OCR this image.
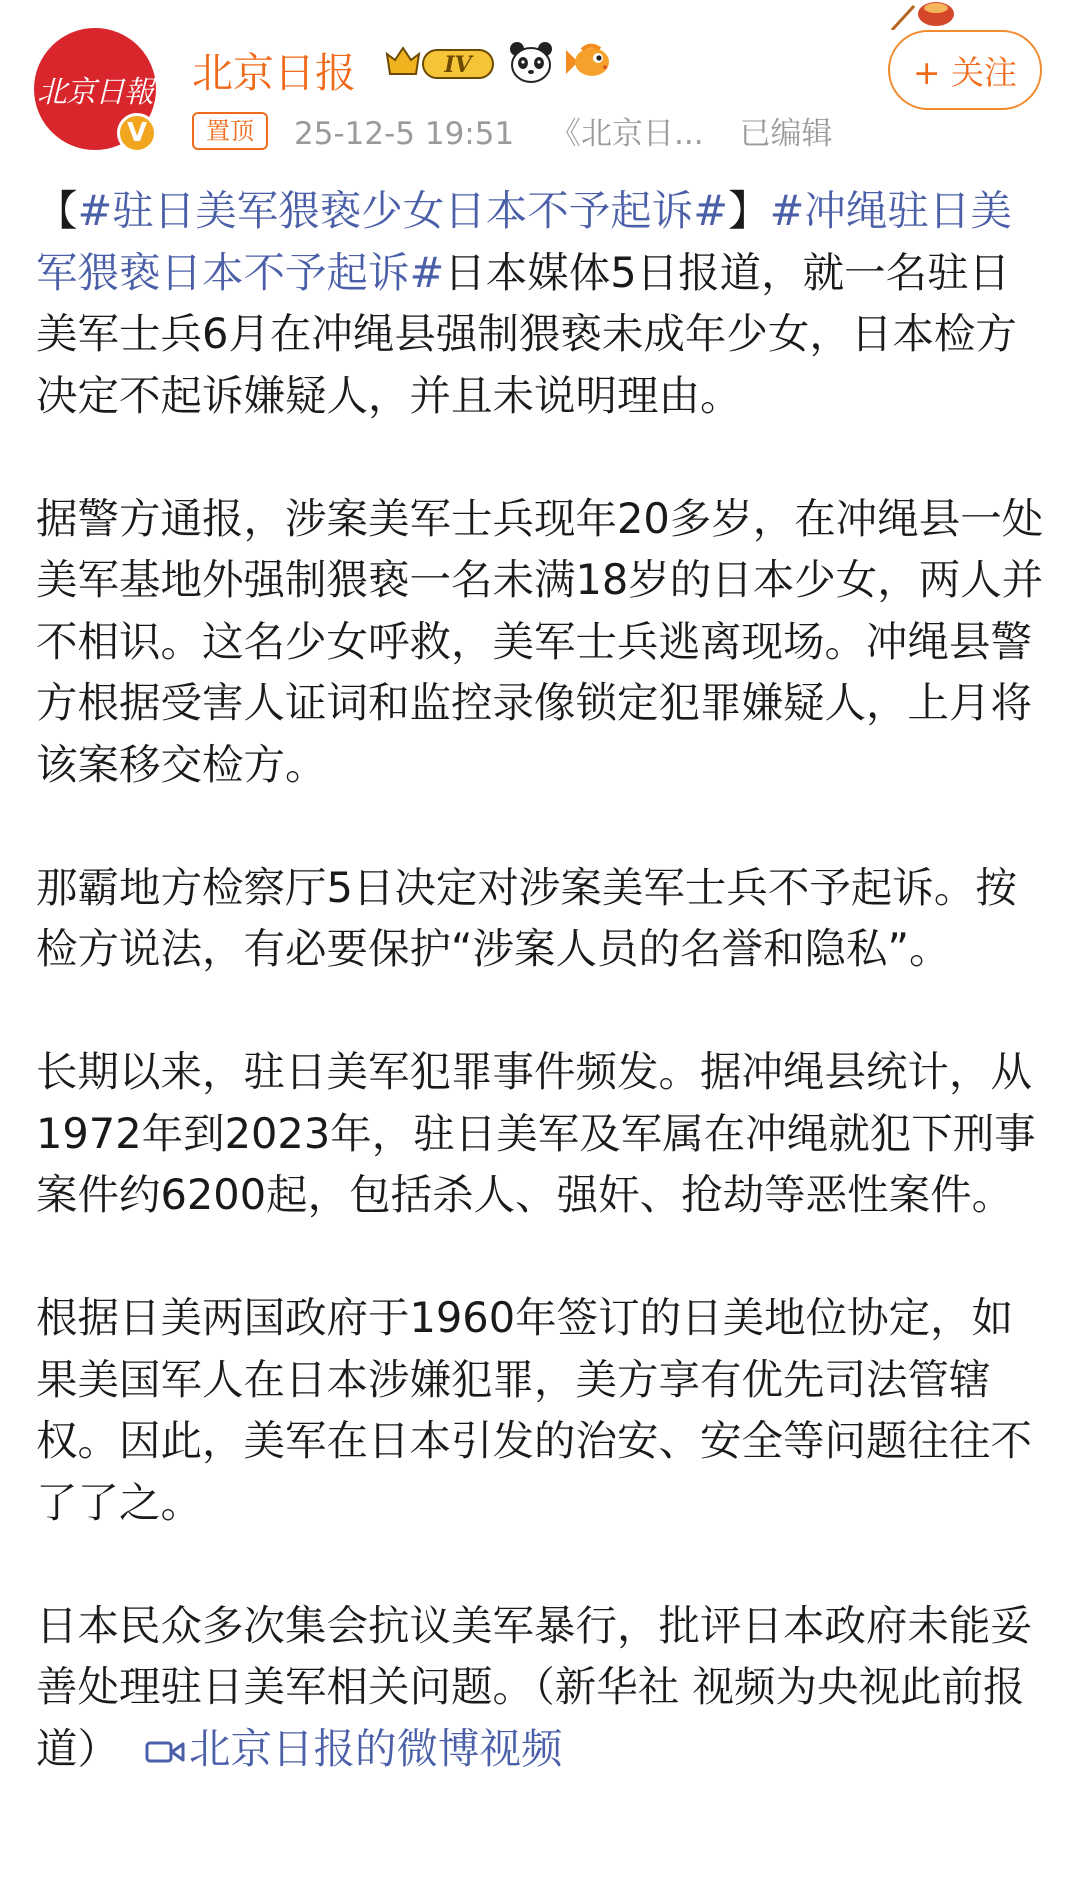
北京日報
V
北京日报	IV
置顶	25-12-5 19:51 《北京日... 已编辑
+ 关注

【#驻日美军猥亵少女日本不予起诉#】#冲绳驻日美军猥亵日本不予起诉#日本媒体5日报道，就一名驻日美军士兵6月在冲绳县强制猥亵未成年少女，日本检方决定不起诉嫌疑人，并且未说明理由。

据警方通报，涉案美军士兵现年20多岁，在冲绳县一处美军基地外强制猥亵一名未满18岁的日本少女，两人并不相识。这名少女呼救，美军士兵逃离现场。冲绳县警方根据受害人证词和监控录像锁定犯罪嫌疑人，上月将该案移交检方。

那霸地方检察厅5日决定对涉案美军士兵不予起诉。按检方说法，有必要保护“涉案人员的名誉和隐私”。

长期以来，驻日美军犯罪事件频发。据冲绳县统计，从1972年到2023年，驻日美军及军属在冲绳就犯下刑事案件约6200起，包括杀人、强奸、抢劫等恶性案件。

根据日美两国政府于1960年签订的日美地位协定，如果美国军人在日本涉嫌犯罪，美方享有优先司法管辖权。因此，美军在日本引发的治安、安全等问题往往不了了之。

日本民众多次集会抗议美军暴行，批评日本政府未能妥善处理驻日美军相关问题。（新华社 视频为央视此前报道） 北京日报的微博视频
